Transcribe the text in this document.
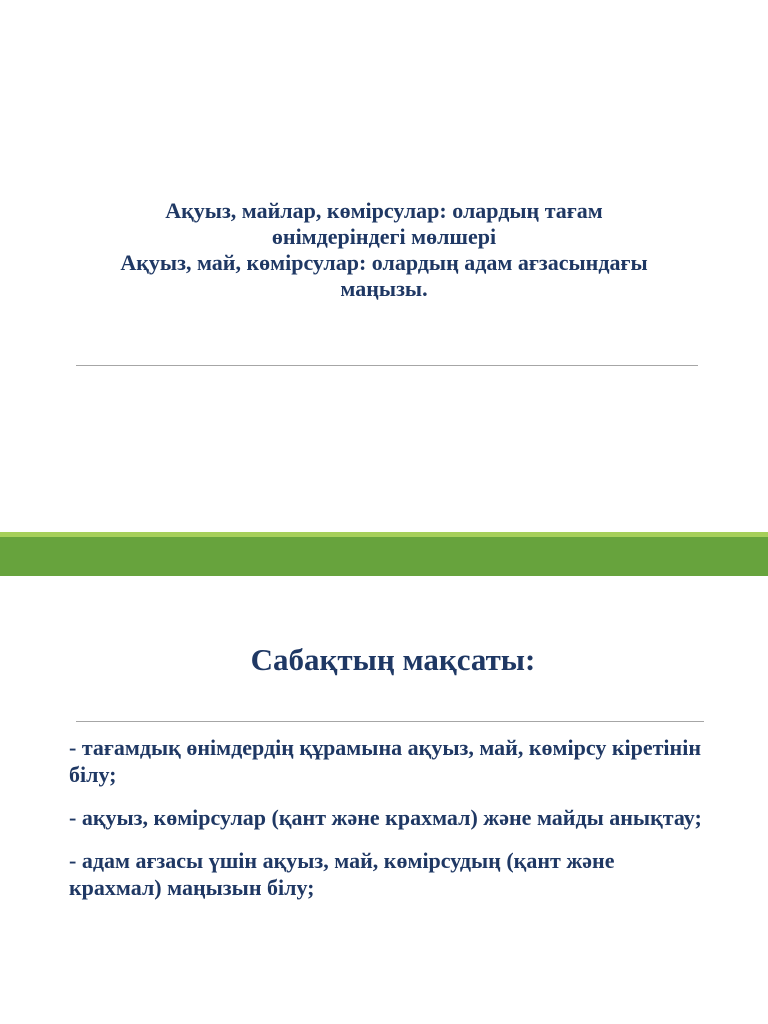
Ақуыз, майлар, көмірсулар: олардың тағам
өнімдеріндегі мөлшері
Ақуыз, май, көмірсулар: олардың адам ағзасындағы
маңызы.
Сабақтың мақсаты:
- тағамдық өнімдердің құрамына ақуыз, май, көмірсу кіретінін білу;
- ақуыз, көмірсулар (қант және крахмал) және майды анықтау;
- адам ағзасы үшін ақуыз, май, көмірсудың (қант және крахмал) маңызын білу;
